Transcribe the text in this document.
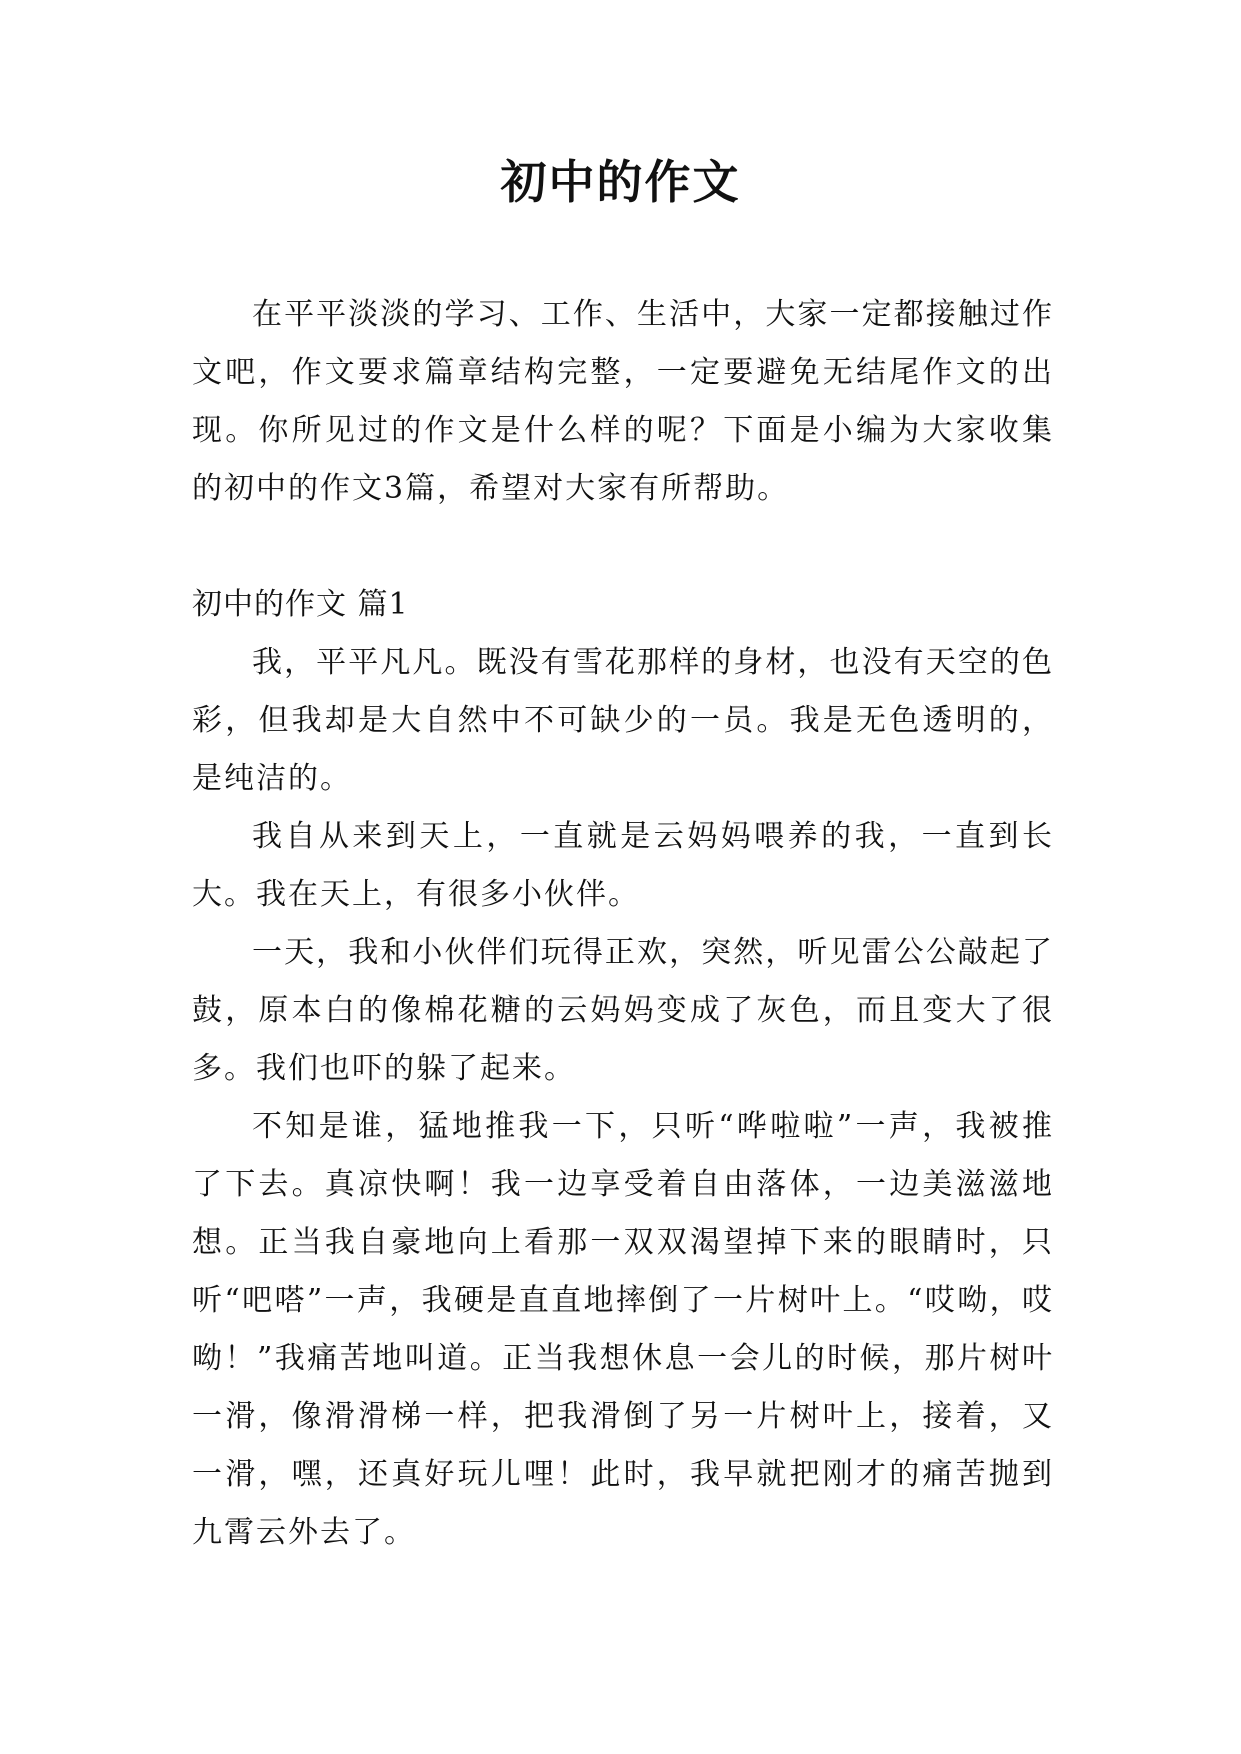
初中的作文

在平平淡淡的学习、工作、生活中，大家一定都接触过作文吧，作文要求篇章结构完整，一定要避免无结尾作文的出现。你所见过的作文是什么样的呢？下面是小编为大家收集的初中的作文3篇，希望对大家有所帮助。

初中的作文 篇1

我，平平凡凡。既没有雪花那样的身材，也没有天空的色彩，但我却是大自然中不可缺少的一员。我是无色透明的，是纯洁的。

我自从来到天上，一直就是云妈妈喂养的我，一直到长大。我在天上，有很多小伙伴。

一天，我和小伙伴们玩得正欢，突然，听见雷公公敲起了鼓，原本白的像棉花糖的云妈妈变成了灰色，而且变大了很多。我们也吓的躲了起来。

不知是谁，猛地推我一下，只听“哗啦啦”一声，我被推了下去。真凉快啊！我一边享受着自由落体，一边美滋滋地想。正当我自豪地向上看那一双双渴望掉下来的眼睛时，只听“吧嗒”一声，我硬是直直地摔倒了一片树叶上。“哎呦，哎呦！”我痛苦地叫道。正当我想休息一会儿的时候，那片树叶一滑，像滑滑梯一样，把我滑倒了另一片树叶上，接着，又一滑，嘿，还真好玩儿哩！此时，我早就把刚才的痛苦抛到九霄云外去了。
